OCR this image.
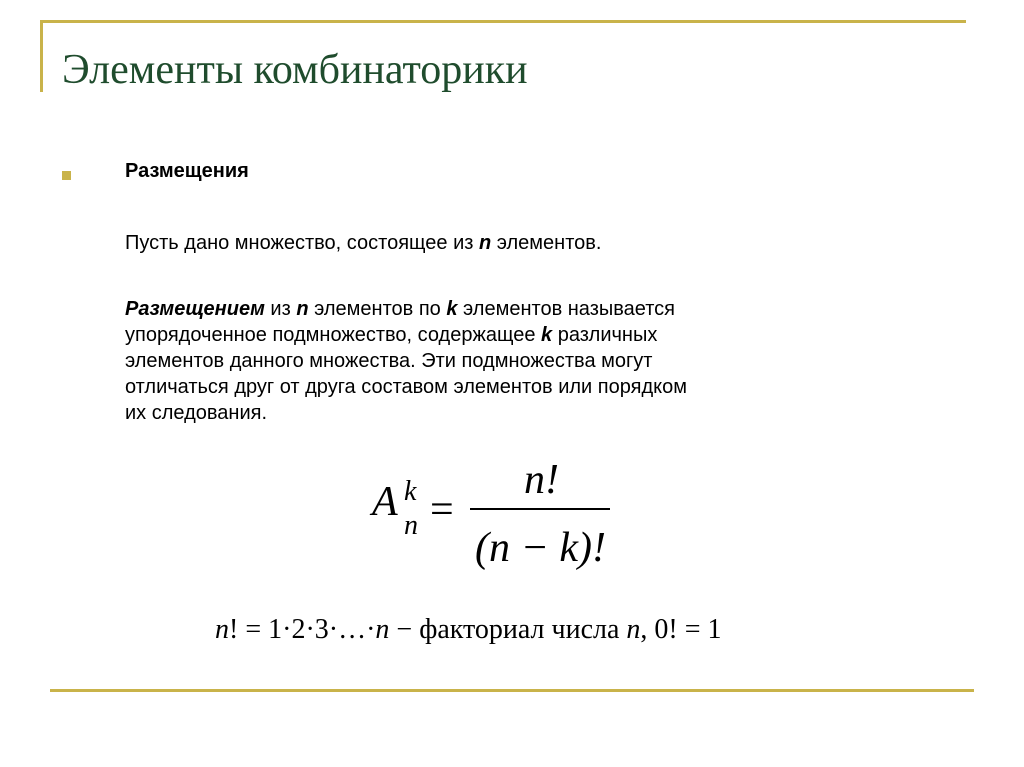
Элементы комбинаторики
Размещения
Пусть дано множество, состоящее из n элементов.
Размещением из n элементов по k элементов называется
упорядоченное подмножество, содержащее k различных
элементов данного множества. Эти подмножества могут
отличаться друг от друга составом элементов или порядком
их следования.
A k
n =
n!
(n − k)!
n! = 1·2·3·…·n − факториал числа n, 0! = 1
